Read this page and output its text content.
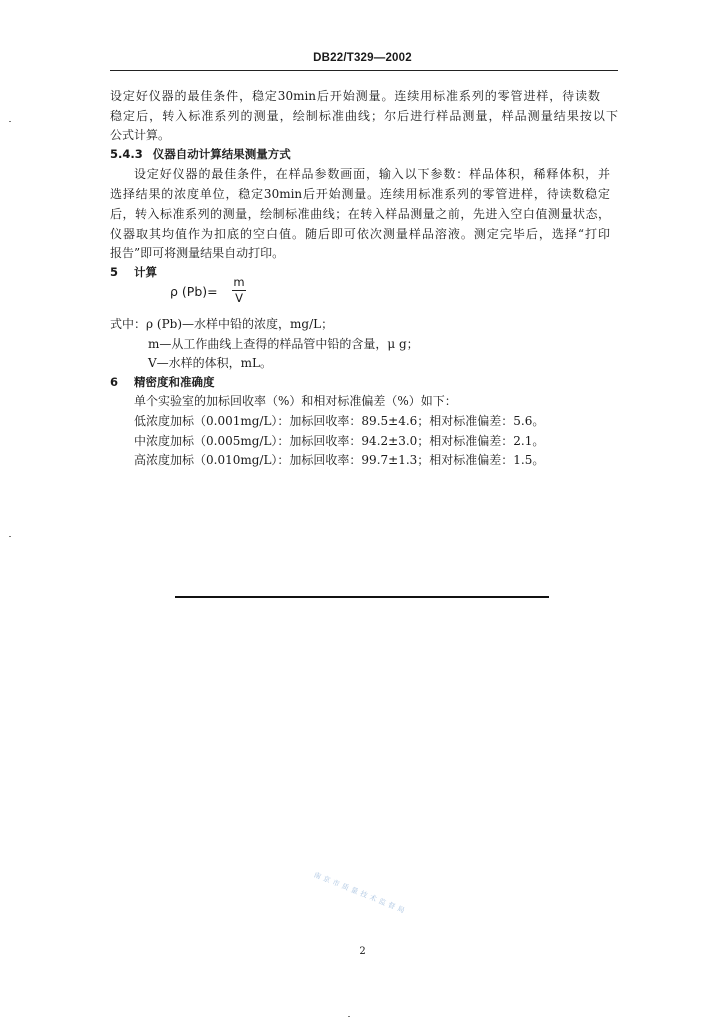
DB22/T329—2002
设定好仪器的最佳条件，稳定30min后开始测量。连续用标准系列的零管进样，待读数
稳定后，转入标准系列的测量，绘制标准曲线；尔后进行样品测量，样品测量结果按以下
公式计算。
5.4.3 仪器自动计算结果测量方式
设定好仪器的最佳条件，在样品参数画面，输入以下参数：样品体积，稀释体积，并
选择结果的浓度单位，稳定30min后开始测量。连续用标准系列的零管进样，待读数稳定
后，转入标准系列的测量，绘制标准曲线；在转入样品测量之前，先进入空白值测量状态，
仪器取其均值作为扣底的空白值。随后即可依次测量样品溶液。测定完毕后，选择“打印
报告”即可将测量结果自动打印。
5 计算
ρ (Pb)=
m
V
式中：ρ (Pb)—水样中铅的浓度，mg/L；
m—从工作曲线上查得的样品管中铅的含量，μ g；
V—水样的体积，mL。
6 精密度和准确度
单个实验室的加标回收率（%）和相对标准偏差（%）如下：
低浓度加标（0.001mg/L）：加标回收率：89.5±4.6；相对标准偏差：5.6。
中浓度加标（0.005mg/L）：加标回收率：94.2±3.0；相对标准偏差：2.1。
高浓度加标（0.010mg/L）：加标回收率：99.7±1.3；相对标准偏差：1.5。
南京市质量技术监督局
2
